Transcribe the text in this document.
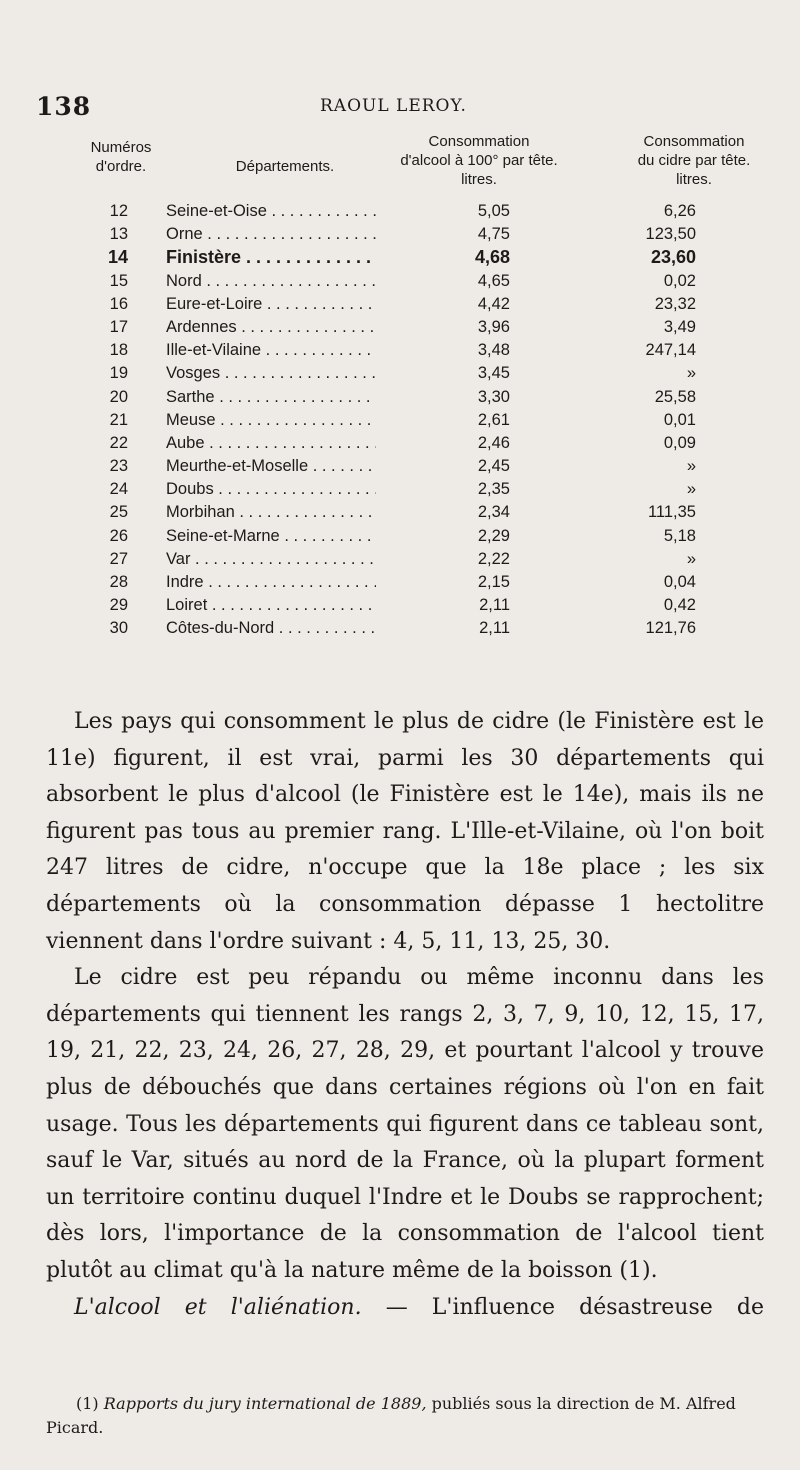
138	RAOUL LEROY.
Numéros
d'ordre.	Départements.
Consommation
d'alcool à 100° par tête.
litres.
Consommation
du cidre par tête.
litres.
12 Seine-et-Oise . . .	5,05	6,26
13 Orne . . .	4,75	123,50
14 Finistère . . .	4,68	23,60
15 Nord . . .	4,65	0,02
16 Eure-et-Loire . . .	4,42	23,32
17 Ardennes . . .	3,96	3,49
18 Ille-et-Vilaine . . .	3,48	247,14
19 Vosges . . .	3,45	»
20 Sarthe . . .	3,30	25,58
21 Meuse . . .	2,61	0,01
22 Aube . . .	2,46	0,09
23 Meurthe-et-Moselle . . .	2,45	»
24 Doubs . . .	2,35	»
25 Morbihan . . .	2,34	111,35
26 Seine-et-Marne . . .	2,29	5,18
27 Var . . .	2,22	»
28 Indre . . .	2,15	0,04
29 Loiret . . .	2,11	0,42
30 Côtes-du-Nord . . .	2,11	121,76

Les pays qui consomment le plus de cidre (le Finistère est le 11e) figurent, il est vrai, parmi les 30 départements qui absorbent le plus d'alcool (le Finistère est le 14e), mais ils ne figurent pas tous au premier rang. L'Ille-et-Vilaine, où l'on boit 247 litres de cidre, n'occupe que la 18e place ; les six départements où la consommation dépasse 1 hectolitre viennent dans l'ordre suivant : 4, 5, 11, 13, 25, 30.

Le cidre est peu répandu ou même inconnu dans les départements qui tiennent les rangs 2, 3, 7, 9, 10, 12, 15, 17, 19, 21, 22, 23, 24, 26, 27, 28, 29, et pourtant l'alcool y trouve plus de débouchés que dans certaines régions où l'on en fait usage. Tous les départements qui figurent dans ce tableau sont, sauf le Var, situés au nord de la France, où la plupart forment un territoire continu duquel l'Indre et le Doubs se rapprochent; dès lors, l'importance de la consommation de l'alcool tient plutôt au climat qu'à la nature même de la boisson (1).

L'alcool et l'aliénation. — L'influence désastreuse de

(1) Rapports du jury international de 1889, publiés sous la direction de M. Alfred Picard.
